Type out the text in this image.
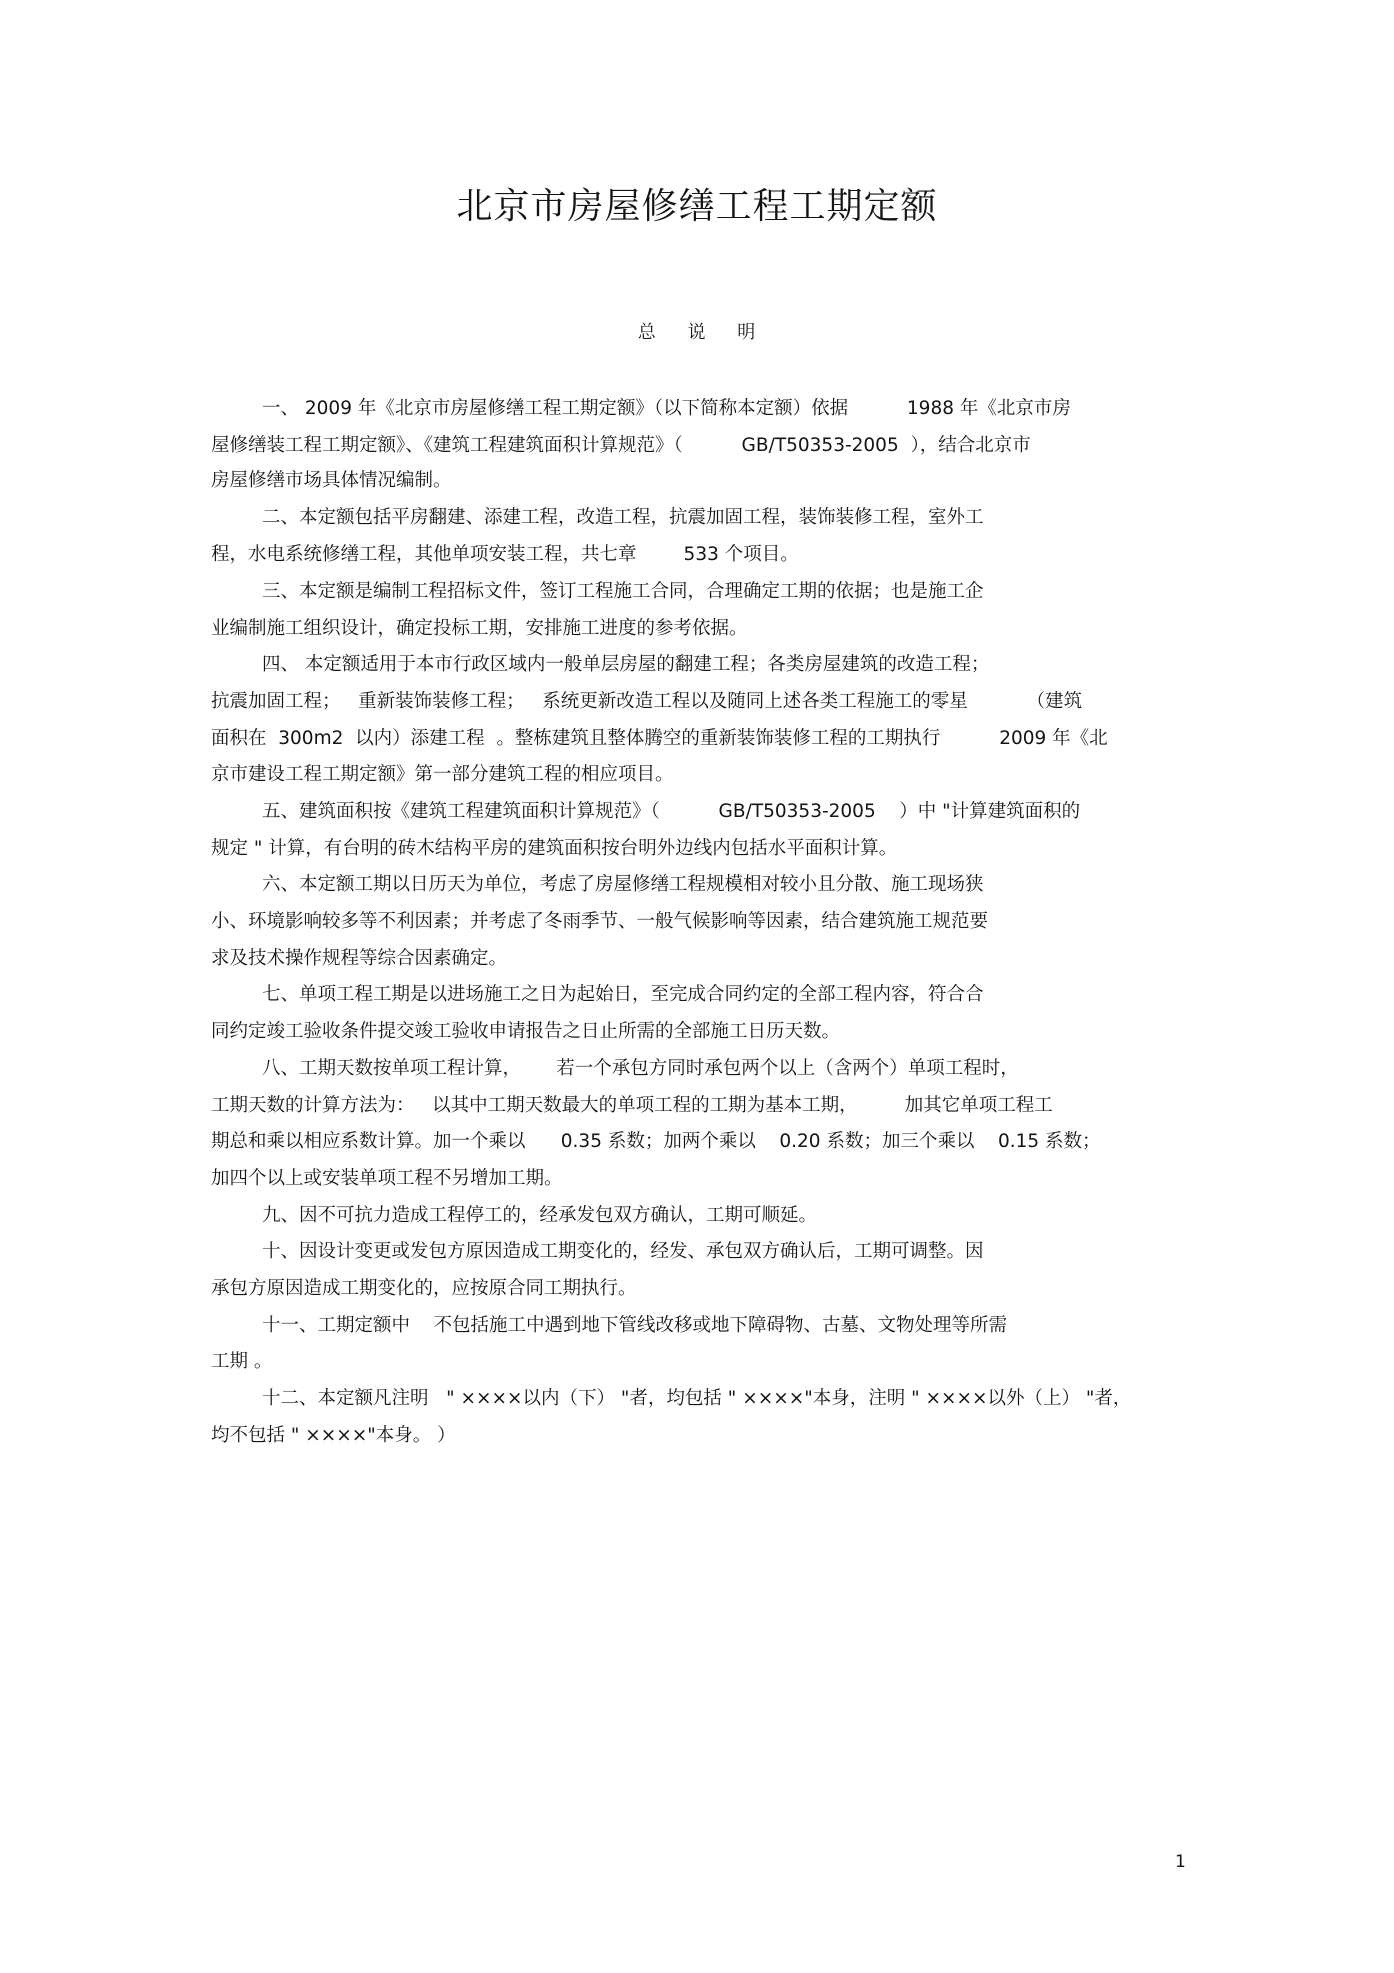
北京市房屋修缮工程工期定额
总 说 明
一、 2009 年《北京市房屋修缮工程工期定额》（以下简称本定额）依据          1988 年《北京市房
屋修缮装工程工期定额》、《建筑工程建筑面积计算规范》（          GB/T50353-2005  ），结合北京市
房屋修缮市场具体情况编制。
二、本定额包括平房翻建、添建工程，改造工程，抗震加固工程，装饰装修工程，室外工
程，水电系统修缮工程，其他单项安装工程，共七章        533 个项目。
三、本定额是编制工程招标文件，签订工程施工合同，合理确定工期的依据；也是施工企
业编制施工组织设计，确定投标工期，安排施工进度的参考依据。
四、 本定额适用于本市行政区域内一般单层房屋的翻建工程；各类房屋建筑的改造工程；
抗震加固工程；   重新装饰装修工程；   系统更新改造工程以及随同上述各类工程施工的零星          （建筑
面积在  300m2  以内）添建工程  。整栋建筑且整体腾空的重新装饰装修工程的工期执行          2009 年《北
京市建设工程工期定额》第一部分建筑工程的相应项目。
五、建筑面积按《建筑工程建筑面积计算规范》（          GB/T50353-2005    ）中 "计算建筑面积的
规定 " 计算，有台明的砖木结构平房的建筑面积按台明外边线内包括水平面积计算。
六、本定额工期以日历天为单位，考虑了房屋修缮工程规模相对较小且分散、施工现场狭
小、环境影响较多等不利因素；并考虑了冬雨季节、一般气候影响等因素，结合建筑施工规范要
求及技术操作规程等综合因素确定。
七、单项工程工期是以进场施工之日为起始日，至完成合同约定的全部工程内容，符合合
同约定竣工验收条件提交竣工验收申请报告之日止所需的全部施工日历天数。
八、工期天数按单项工程计算，      若一个承包方同时承包两个以上（含两个）单项工程时，
工期天数的计算方法为：   以其中工期天数最大的单项工程的工期为基本工期，        加其它单项工程工
期总和乘以相应系数计算。加一个乘以      0.35 系数；加两个乘以    0.20 系数；加三个乘以    0.15 系数；
加四个以上或安装单项工程不另增加工期。
九、因不可抗力造成工程停工的，经承发包双方确认，工期可顺延。
十、因设计变更或发包方原因造成工期变化的，经发、承包双方确认后，工期可调整。因
承包方原因造成工期变化的，应按原合同工期执行。
十一、工期定额中    不包括施工中遇到地下管线改移或地下障碍物、古墓、文物处理等所需
工期 。
十二、本定额凡注明   " ××××以内（下） "者，均包括 " ××××"本身，注明 " ××××以外（上） "者，
均不包括 " ××××"本身。 ）
1
